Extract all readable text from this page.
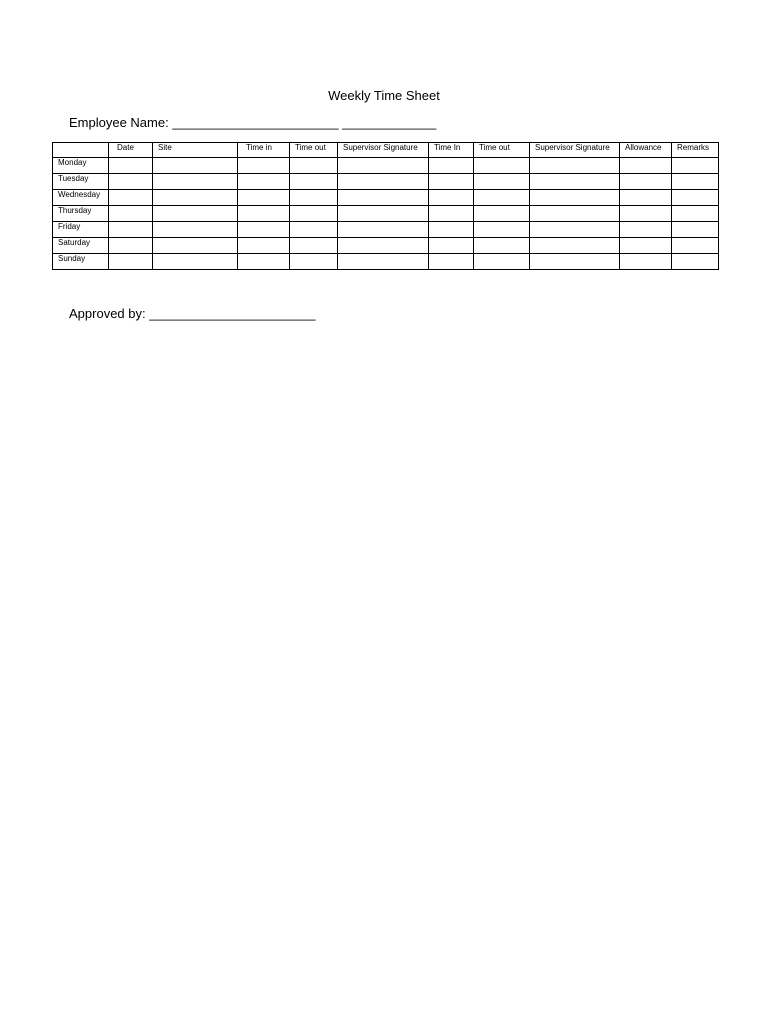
Weekly Time Sheet
Employee Name: _______________________ _____________
	Date	Site	Time in	Time out	Supervisor Signature	Time In	Time out	Supervisor Signature	Allowance	Remarks
Monday										
Tuesday										
Wednesday										
Thursday										
Friday										
Saturday										
Sunday										
Approved by: _______________________
